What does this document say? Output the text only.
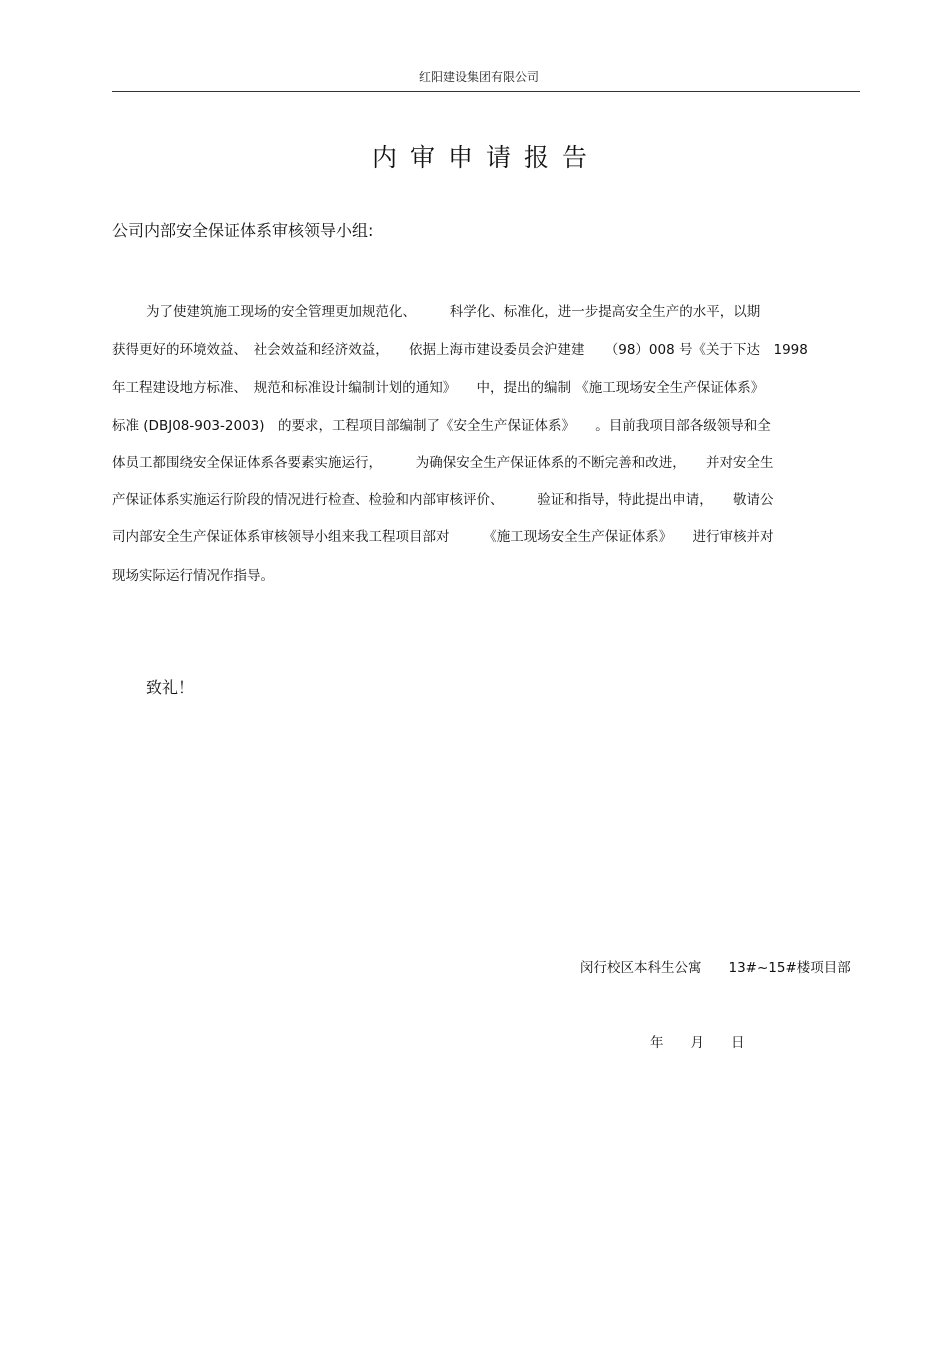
红阳建设集团有限公司
内审申请报告
公司内部安全保证体系审核领导小组:
为了使建筑施工现场的安全管理更加规范化、　　　科学化、标准化，进一步提高安全生产的水平，以期
获得更好的环境效益、　社会效益和经济效益，　　依据上海市建设委员会沪建建　　（98）008 号《关于下达　1998
年工程建设地方标准、　规范和标准设计编制计划的通知》　　中，提出的编制 《施工现场安全生产保证体系》
标准 (DBJ08-903-2003)　的要求，工程项目部编制了《安全生产保证体系》　　。目前我项目部各级领导和全
体员工都围绕安全保证体系各要素实施运行，　　　为确保安全生产保证体系的不断完善和改进，　　并对安全生
产保证体系实施运行阶段的情况进行检查、检验和内部审核评价、　　　验证和指导，特此提出申请，　　敬请公
司内部安全生产保证体系审核领导小组来我工程项目部对　　　《施工现场安全生产保证体系》　　进行审核并对
现场实际运行情况作指导。
致礼！
闵行校区本科生公寓　　13#~15#楼项目部
年　　月　　日
